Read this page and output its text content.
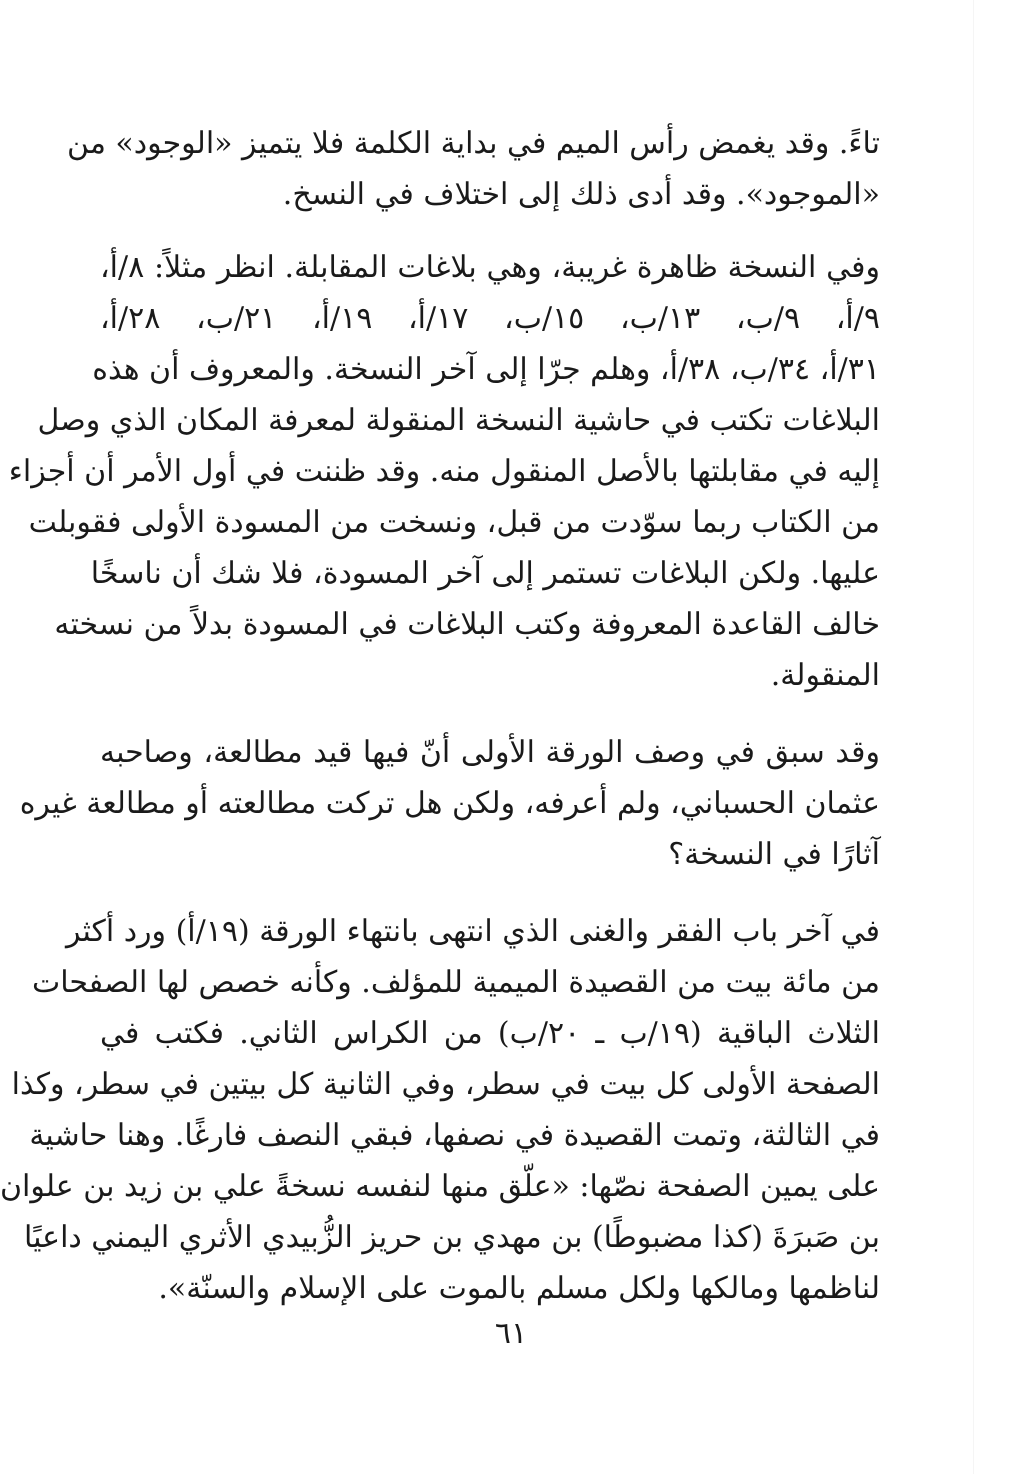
تاءً. وقد يغمض رأس الميم في بداية الكلمة فلا يتميز «الوجود» من
«الموجود». وقد أدى ذلك إلى اختلاف في النسخ.
وفي النسخة ظاهرة غريبة، وهي بلاغات المقابلة. انظر مثلاً: ٨/أ،
٩/أ، ٩/ب، ١٣/ب، ١٥/ب، ١٧/أ، ١٩/أ، ٢١/ب، ٢٨/أ،
٣١/أ، ٣٤/ب، ٣٨/أ، وهلم جرّا إلى آخر النسخة. والمعروف أن هذه
البلاغات تكتب في حاشية النسخة المنقولة لمعرفة المكان الذي وصل
إليه في مقابلتها بالأصل المنقول منه. وقد ظننت في أول الأمر أن أجزاء
من الكتاب ربما سوّدت من قبل، ونسخت من المسودة الأولى فقوبلت
عليها. ولكن البلاغات تستمر إلى آخر المسودة، فلا شك أن ناسخًا
خالف القاعدة المعروفة وكتب البلاغات في المسودة بدلاً من نسخته
المنقولة.
وقد سبق في وصف الورقة الأولى أنّ فيها قيد مطالعة، وصاحبه
عثمان الحسباني، ولم أعرفه، ولكن هل تركت مطالعته أو مطالعة غيره
آثارًا في النسخة؟
في آخر باب الفقر والغنى الذي انتهى بانتهاء الورقة (١٩/أ) ورد أكثر
من مائة بيت من القصيدة الميمية للمؤلف. وكأنه خصص لها الصفحات
الثلاث الباقية (١٩/ب ـ ٢٠/ب) من الكراس الثاني. فكتب في
الصفحة الأولى كل بيت في سطر، وفي الثانية كل بيتين في سطر، وكذا
في الثالثة، وتمت القصيدة في نصفها، فبقي النصف فارغًا. وهنا حاشية
على يمين الصفحة نصّها: «علّق منها لنفسه نسخةً علي بن زيد بن علوان
بن صَبرَةَ (كذا مضبوطًا) بن مهدي بن حريز الزُّبيدي الأثري اليمني داعيًا
لناظمها ومالكها ولكل مسلم بالموت على الإسلام والسنّة».
٦١
